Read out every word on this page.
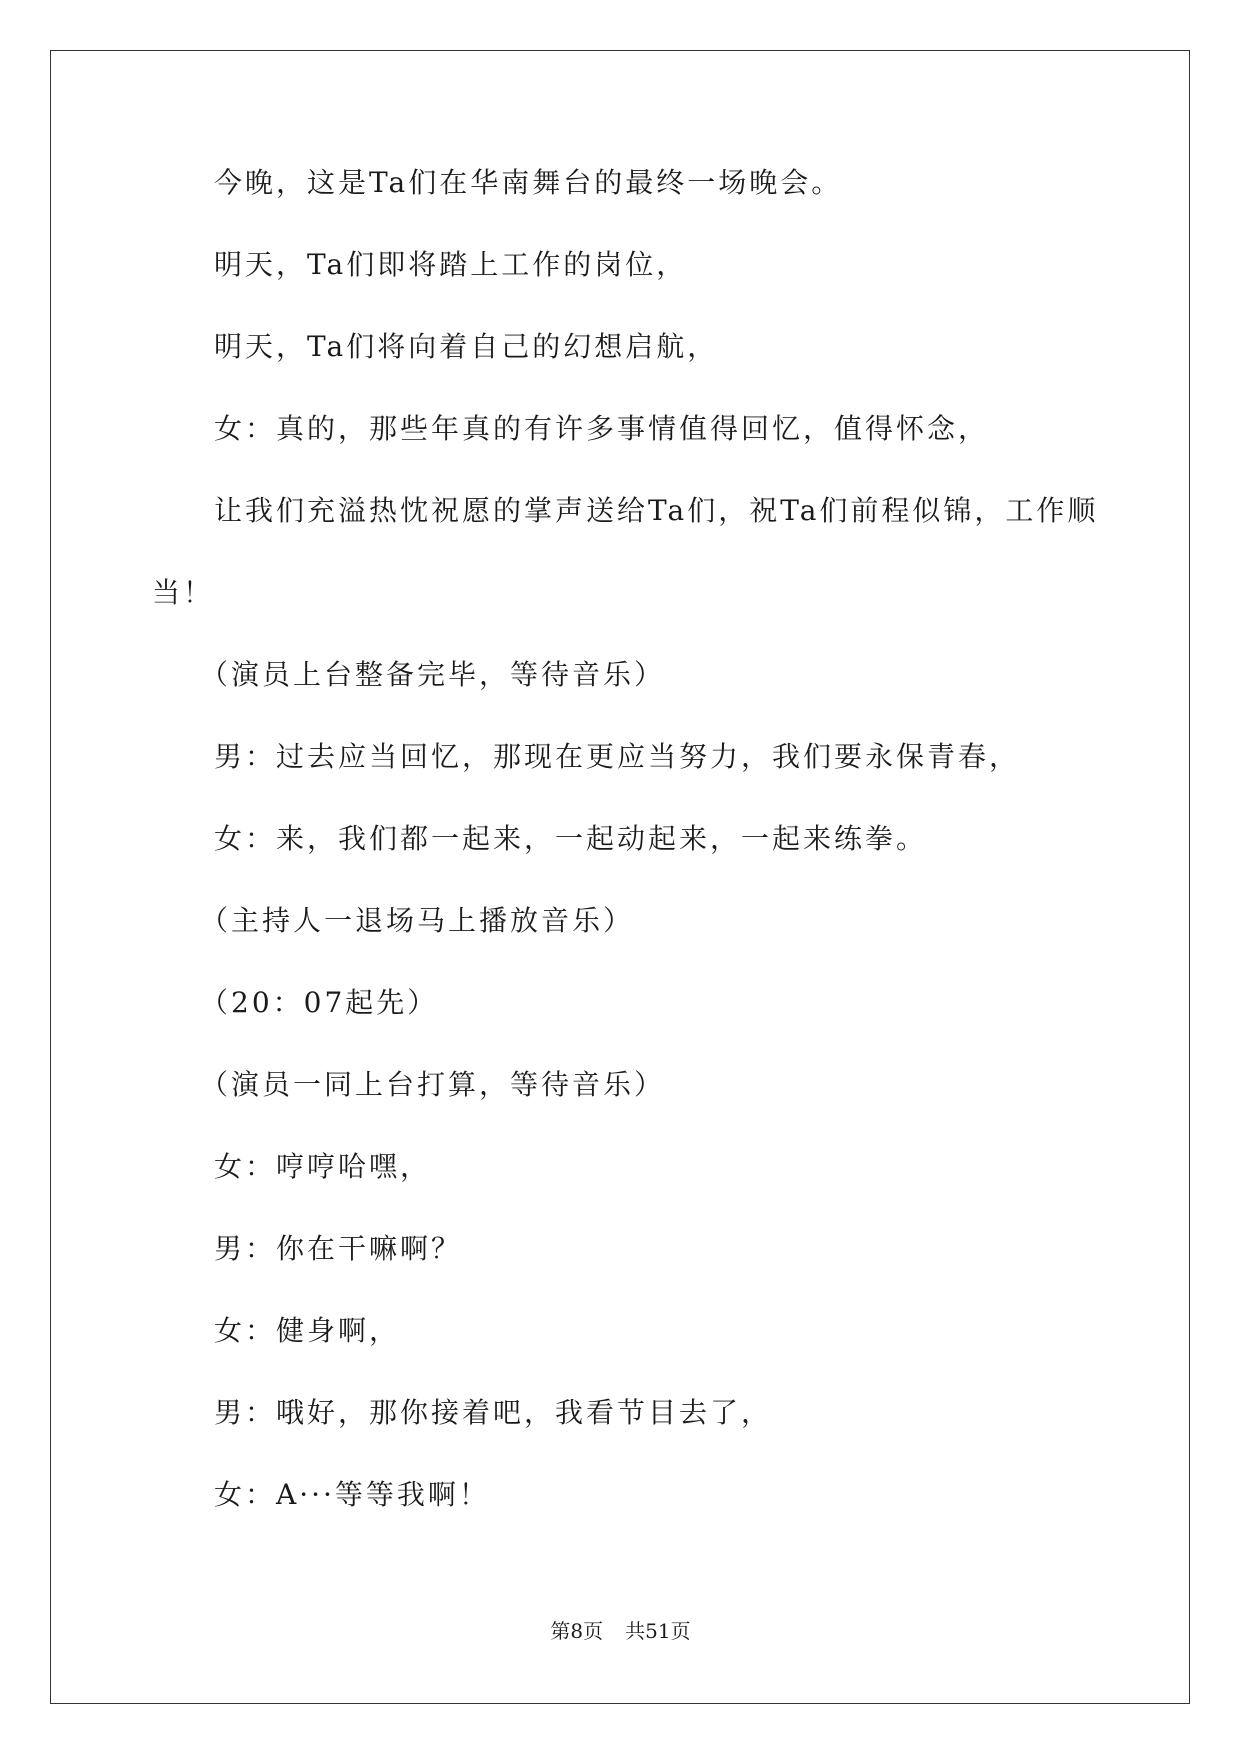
今晚，这是Ta们在华南舞台的最终一场晚会。

明天，Ta们即将踏上工作的岗位，

明天，Ta们将向着自己的幻想启航，

女：真的，那些年真的有许多事情值得回忆，值得怀念，

让我们充溢热忱祝愿的掌声送给Ta们，祝Ta们前程似锦，工作顺当！

（演员上台整备完毕，等待音乐）

男：过去应当回忆，那现在更应当努力，我们要永保青春，

女：来，我们都一起来，一起动起来，一起来练拳。

（主持人一退场马上播放音乐）

（20：07起先）

（演员一同上台打算，等待音乐）

女：哼哼哈嘿，

男：你在干嘛啊？

女：健身啊，

男：哦好，那你接着吧，我看节目去了，

女：A···等等我啊！

第8页 共51页
